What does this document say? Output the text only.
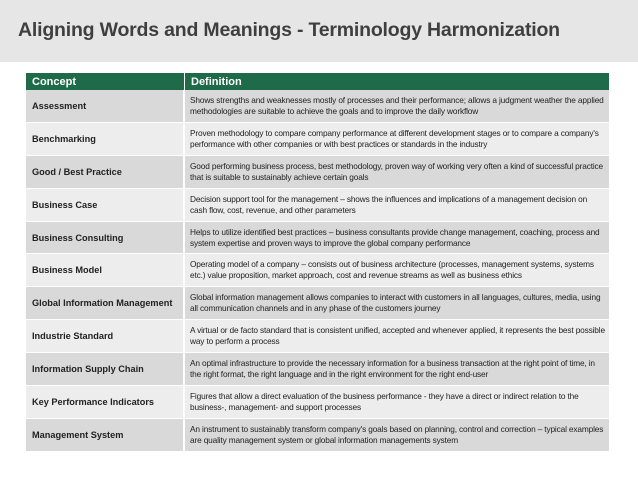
Aligning Words and Meanings - Terminology Harmonization
Concept	Definition
Assessment	Shows strengths and weaknesses mostly of processes and their performance; allows a judgment weather the applied methodologies are suitable to achieve the goals and to improve the daily workflow
Benchmarking	Proven methodology to compare company performance at different development stages or to compare a company's performance with other companies or with best practices or standards in the industry
Good / Best Practice	Good performing business process, best methodology, proven way of working very often a kind of successful practice that is suitable to sustainably achieve certain goals
Business Case	Decision support tool for the management – shows the influences and implications of a management decision on cash flow, cost, revenue, and other parameters
Business Consulting	Helps to utilize identified best practices – business consultants provide change management, coaching, process and system expertise and proven ways to improve the global company performance
Business Model	Operating model of a company – consists out of business architecture (processes, management systems, systems etc.) value proposition, market approach, cost and revenue streams as well as business ethics
Global Information Management	Global information management allows companies to interact with customers in all languages, cultures, media, using all communication channels and in any phase of the customers journey
Industrie Standard	A virtual or de facto standard that is consistent unified, accepted and whenever applied, it represents the best possible way to perform a process
Information Supply Chain	An optimal infrastructure to provide the necessary information for a business transaction at the right point of time, in the right format, the right language and in the right environment for the right end-user
Key Performance Indicators	Figures that allow a direct evaluation of the business performance - they have a direct or indirect relation to the business-, management- and support processes
Management System	An instrument to sustainably transform company's goals based on planning, control and correction – typical examples are quality management system or global information managements system
